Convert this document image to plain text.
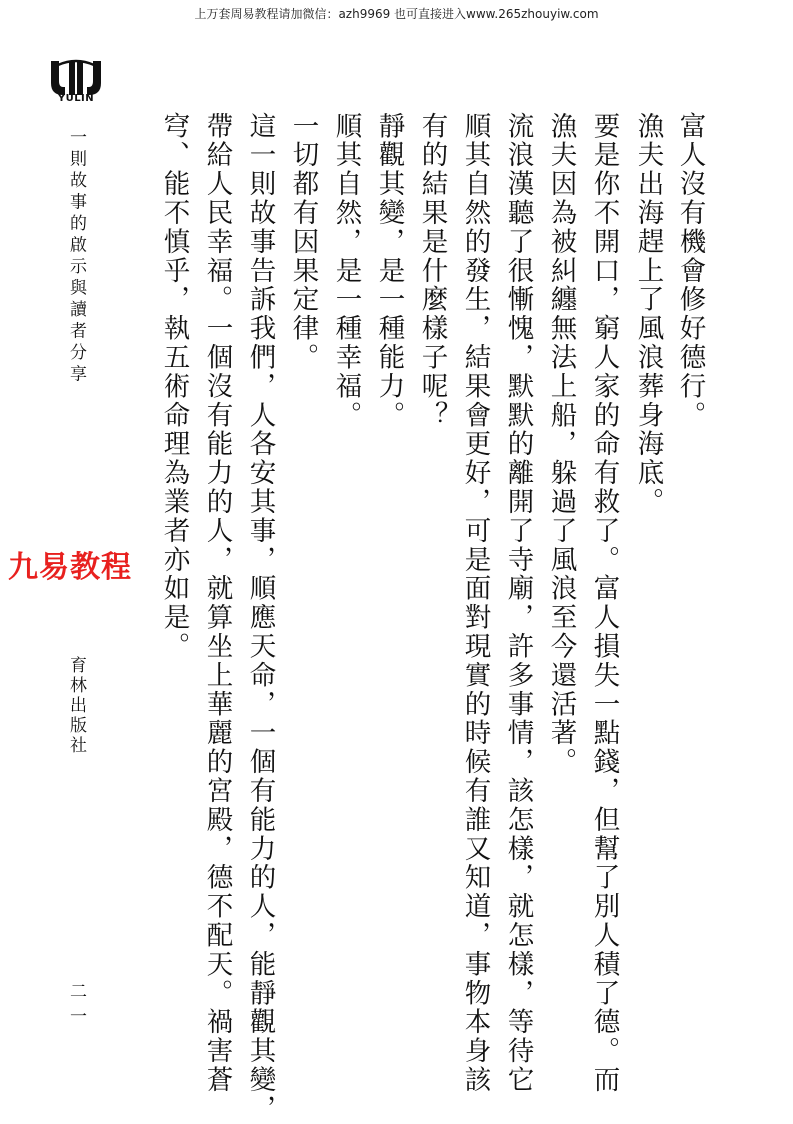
上万套周易教程请加微信：azh9969 也可直接进入www.265zhouyiw.com
YULIN
一則故事的啟示與讀者分享
九易教程
育林出版社
二一
富人沒有機會修好德行。
漁夫出海趕上了風浪葬身海底。
要是你不開口，窮人家的命有救了。富人損失一點錢，但幫了別人積了德。而
漁夫因為被糾纏無法上船，躲過了風浪至今還活著。
流浪漢聽了很慚愧，默默的離開了寺廟，許多事情，該怎樣，就怎樣，等待它
順其自然的發生，結果會更好，可是面對現實的時候有誰又知道，事物本身該
有的結果是什麼樣子呢？
靜觀其變，是一種能力。
順其自然，是一種幸福。
一切都有因果定律。
這一則故事告訴我們，人各安其事，順應天命，一個有能力的人，能靜觀其變，
帶給人民幸福。一個沒有能力的人，就算坐上華麗的宮殿，德不配天。禍害蒼
穹、能不慎乎，執五術命理為業者亦如是。
